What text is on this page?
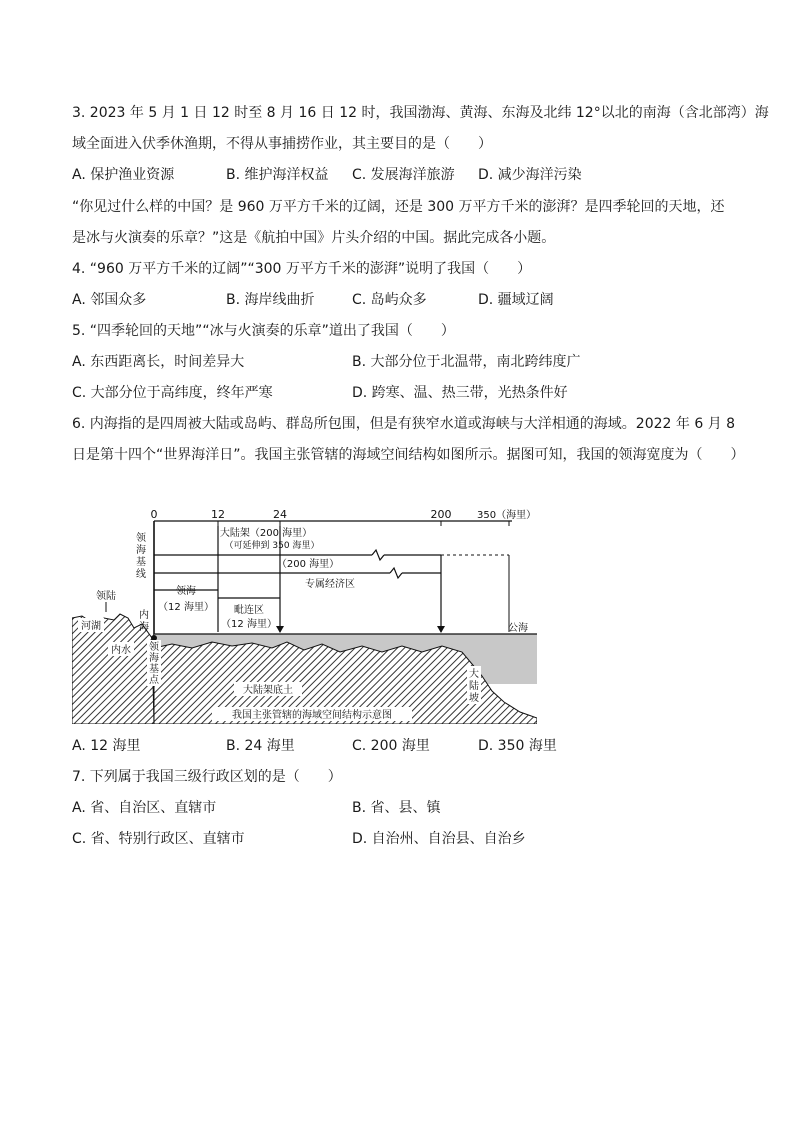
3. 2023 年 5 月 1 日 12 时至 8 月 16 日 12 时，我国渤海、黄海、东海及北纬 12°以北的南海（含北部湾）海
域全面进入伏季休渔期，不得从事捕捞作业，其主要目的是（　　）
A. 保护渔业资源	B. 维护海洋权益 C. 发展海洋旅游 D. 减少海洋污染
“你见过什么样的中国？是 960 万平方千米的辽阔，还是 300 万平方千米的澎湃？是四季轮回的天地，还
是冰与火演奏的乐章？”这是《航拍中国》片头介绍的中国。据此完成各小题。
4. “960 万平方千米的辽阔”“300 万平方千米的澎湃”说明了我国（　　）
A. 邻国众多	B. 海岸线曲折	C. 岛屿众多	D. 疆域辽阔
5. “四季轮回的天地”“冰与火演奏的乐章”道出了我国（　　）
A. 东西距离长，时间差异大	B. 大部分位于北温带，南北跨纬度广
C. 大部分位于高纬度，终年严寒	D. 跨寒、温、热三带，光热条件好
6. 内海指的是四周被大陆或岛屿、群岛所包围，但是有狭窄水道或海峡与大洋相通的海域。2022 年 6 月 8
日是第十四个“世界海洋日”。我国主张管辖的海域空间结构如图所示。据图可知，我国的领海宽度为（　　）
0	12	24	200	350（海里）
领
海
基
线
大陆架（200 海里）
（可延伸到 350 海里）
（200 海里）
专属经济区
领海
（12 海里） 毗连区
（12 海里）	公海
领陆
河湖
内水
内
海
领
海
基
点
大陆架底土
大
陆
坡
我国主张管辖的海域空间结构示意图
A. 12 海里	B. 24 海里	C. 200 海里	D. 350 海里
7. 下列属于我国三级行政区划的是（　　）
A. 省、自治区、直辖市	B. 省、县、镇
C. 省、特别行政区、直辖市	D. 自治州、自治县、自治乡
